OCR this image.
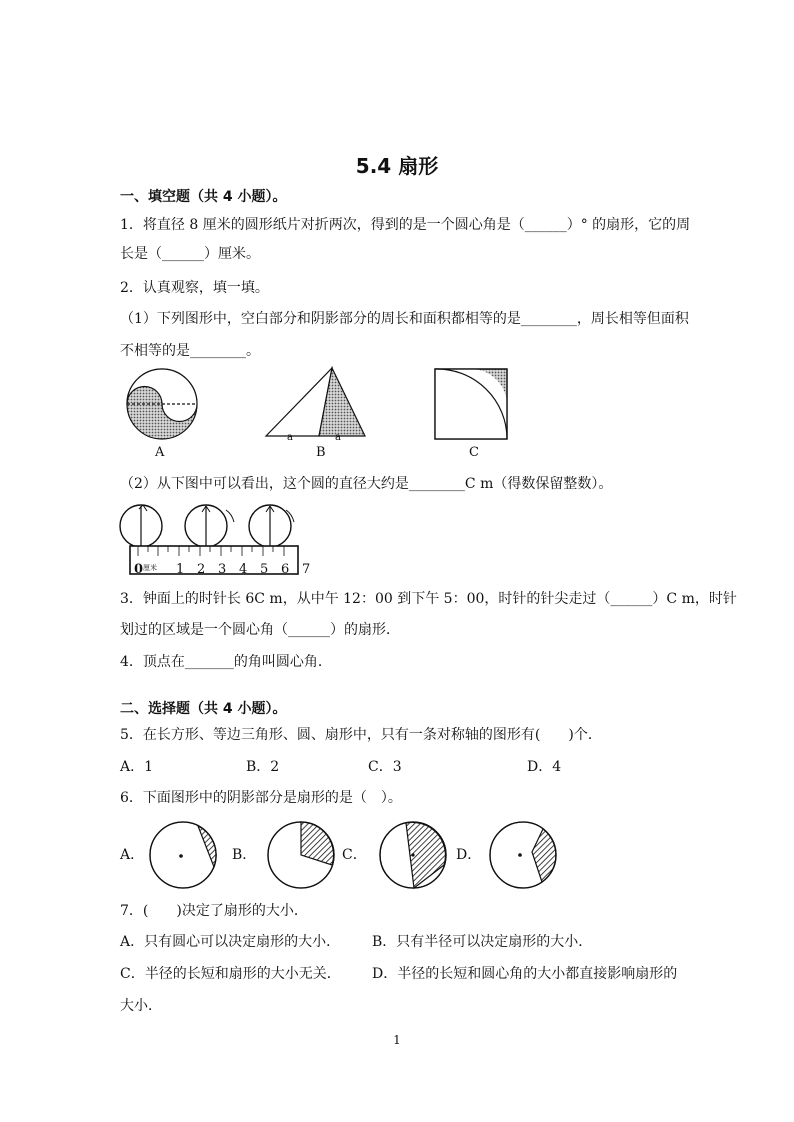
5.4 扇形
一、填空题（共 4 小题）。
1．将直径 8 厘米的圆形纸片对折两次，得到的是一个圆心角是（______）° 的扇形，它的周
长是（______）厘米。
2．认真观察，填一填。
（1）下列图形中，空白部分和阴影部分的周长和面积都相等的是________，周长相等但面积
不相等的是________。
A
a	a
B	C
（2）从下图中可以看出，这个圆的直径大约是________C m（得数保留整数）。
0 厘米 1 2 3 4 5 6 7
3．钟面上的时针长 6C m，从中午 12：00 到下午 5：00，时针的针尖走过（______）C m，时针
划过的区域是一个圆心角（______）的扇形．
4．顶点在_______的角叫圆心角．
二、选择题（共 4 小题）。
5．在长方形、等边三角形、圆、扇形中，只有一条对称轴的图形有(　　)个．
A．1	B．2	C．3	D．4
6．下面图形中的阴影部分是扇形的是（　）。
A．	B．	C．	D．
7．(　　)决定了扇形的大小．
A．只有圆心可以决定扇形的大小． B．只有半径可以决定扇形的大小．
C．半径的长短和扇形的大小无关． D．半径的长短和圆心角的大小都直接影响扇形的
大小．
1
